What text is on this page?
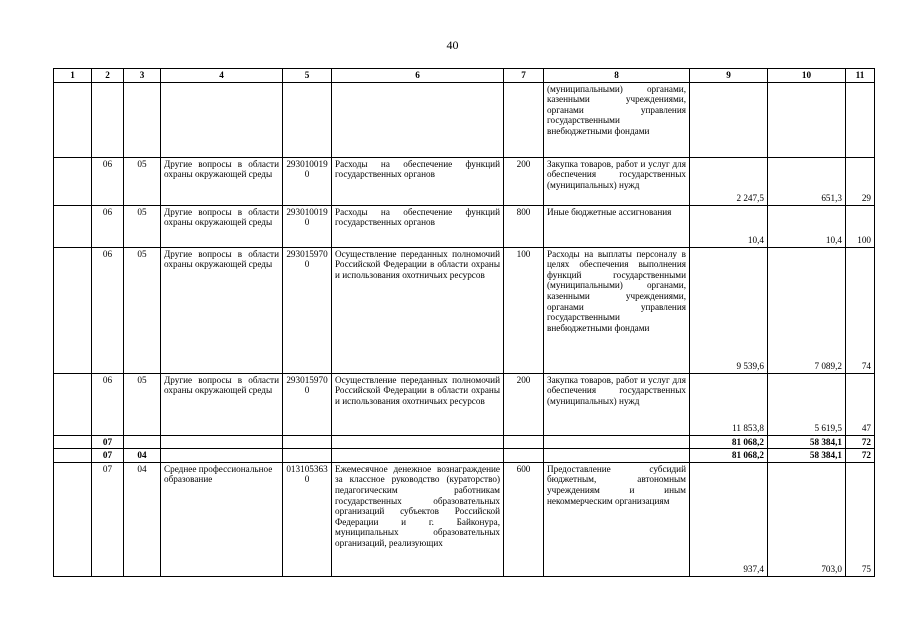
40
1	2	3	4	5	6	7	8	9	10	11
							(муниципальными) органами, казенными учреждениями, органами управления государственными внебюджетными фондами			
	06	05	Другие вопросы в области охраны окружающей среды	2930100190	Расходы на обеспечение функций государственных органов	200	Закупка товаров, работ и услуг для обеспечения государственных (муниципальных) нужд	2 247,5	651,3	29
	06	05	Другие вопросы в области охраны окружающей среды	2930100190	Расходы на обеспечение функций государственных органов	800	Иные бюджетные ассигнования	10,4	10,4	100
	06	05	Другие вопросы в области охраны окружающей среды	2930159700	Осуществление переданных полномочий Российской Федерации в области охраны и использования охотничьих ресурсов	100	Расходы на выплаты персоналу в целях обеспечения выполнения функций государственными (муниципальными) органами, казенными учреждениями, органами управления государственными внебюджетными фондами	9 539,6	7 089,2	74
	06	05	Другие вопросы в области охраны окружающей среды	2930159700	Осуществление переданных полномочий Российской Федерации в области охраны и использования охотничьих ресурсов	200	Закупка товаров, работ и услуг для обеспечения государственных (муниципальных) нужд	11 853,8	5 619,5	47
	07							81 068,2	58 384,1	72
	07	04						81 068,2	58 384,1	72
	07	04	Среднее профессиональное образование	0131053630	Ежемесячное денежное вознаграждение за классное руководство (кураторство) педагогическим работникам государственных образовательных организаций субъектов Российской Федерации и г. Байконура, муниципальных образовательных организаций, реализующих	600	Предоставление субсидий бюджетным, автономным учреждениям и иным некоммерческим организациям	937,4	703,0	75
